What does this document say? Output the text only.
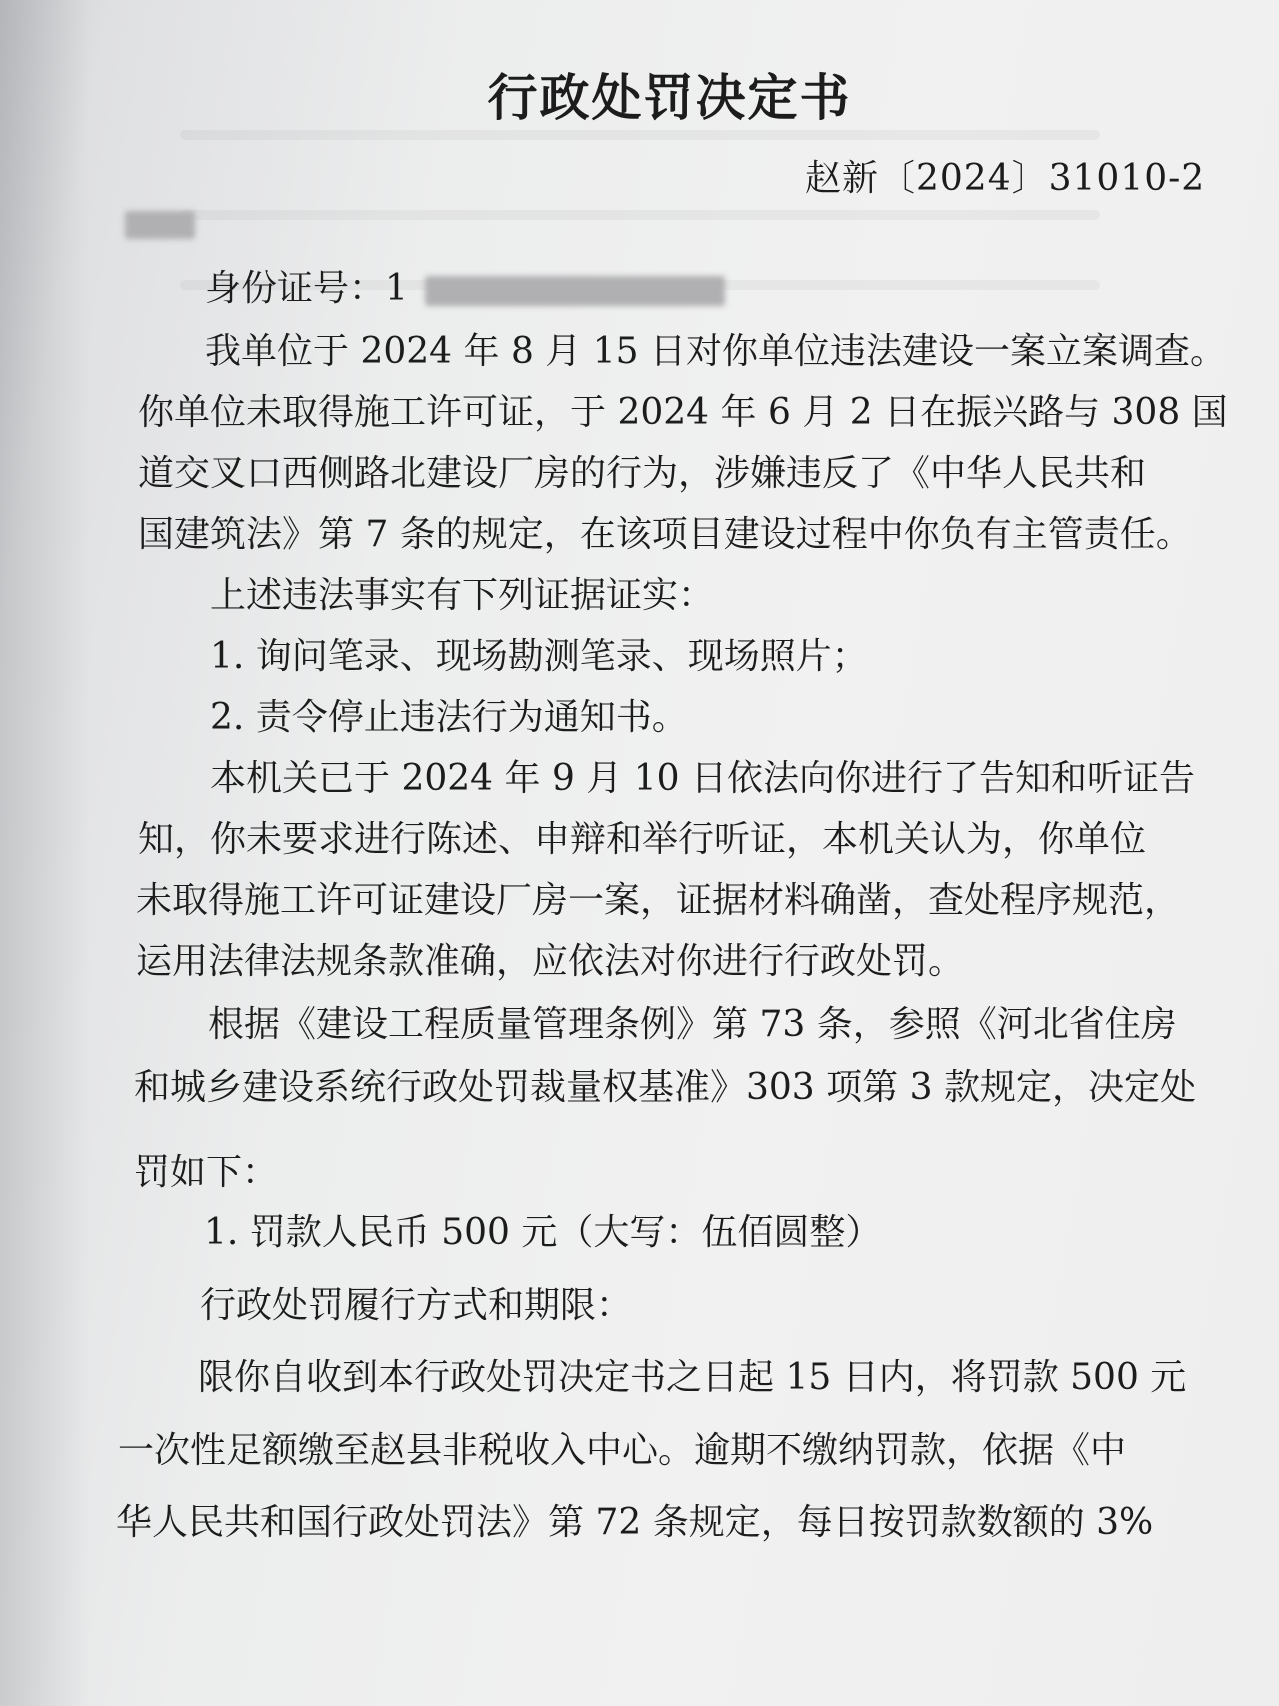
行政处罚决定书
赵新〔2024〕31010-2
身份证号：1
我单位于 2024 年 8 月 15 日对你单位违法建设一案立案调查。
你单位未取得施工许可证，于 2024 年 6 月 2 日在振兴路与 308 国
道交叉口西侧路北建设厂房的行为，涉嫌违反了《中华人民共和
国建筑法》第 7 条的规定，在该项目建设过程中你负有主管责任。
上述违法事实有下列证据证实：
1. 询问笔录、现场勘测笔录、现场照片；
2. 责令停止违法行为通知书。
本机关已于 2024 年 9 月 10 日依法向你进行了告知和听证告
知，你未要求进行陈述、申辩和举行听证，本机关认为，你单位
未取得施工许可证建设厂房一案，证据材料确凿，查处程序规范，
运用法律法规条款准确，应依法对你进行行政处罚。
根据《建设工程质量管理条例》第 73 条，参照《河北省住房
和城乡建设系统行政处罚裁量权基准》303 项第 3 款规定，决定处
罚如下：
1. 罚款人民币 500 元（大写：伍佰圆整）
行政处罚履行方式和期限：
限你自收到本行政处罚决定书之日起 15 日内，将罚款 500 元
一次性足额缴至赵县非税收入中心。逾期不缴纳罚款，依据《中
华人民共和国行政处罚法》第 72 条规定，每日按罚款数额的 3%
